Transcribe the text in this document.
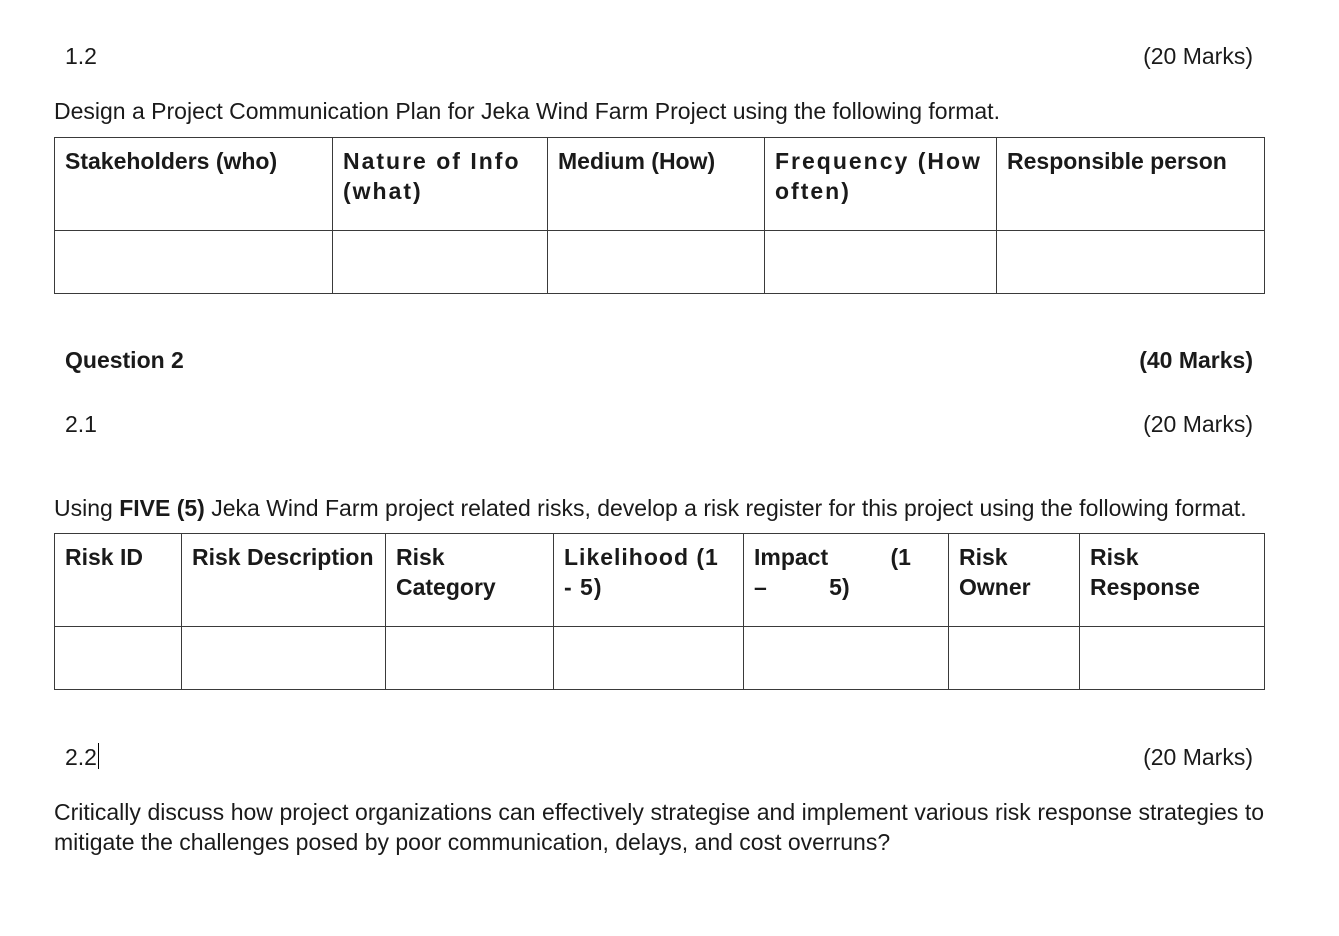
1.2	(20 Marks)
Design a Project Communication Plan for Jeka Wind Farm Project using the following format.
Stakeholders (who)	Nature of Info (what)	Medium (How)	Frequency (How often)	Responsible person

Question 2	(40 Marks)
2.1	(20 Marks)
Using FIVE (5) Jeka Wind Farm project related risks, develop a risk register for this project using the following format.
Risk ID	Risk Description	Risk Category	Likelihood (1 - 5)	Impact (1 – 5)	Risk Owner	Risk Response

2.2	(20 Marks)
Critically discuss how project organizations can effectively strategise and implement various risk response strategies to mitigate the challenges posed by poor communication, delays, and cost overruns?
